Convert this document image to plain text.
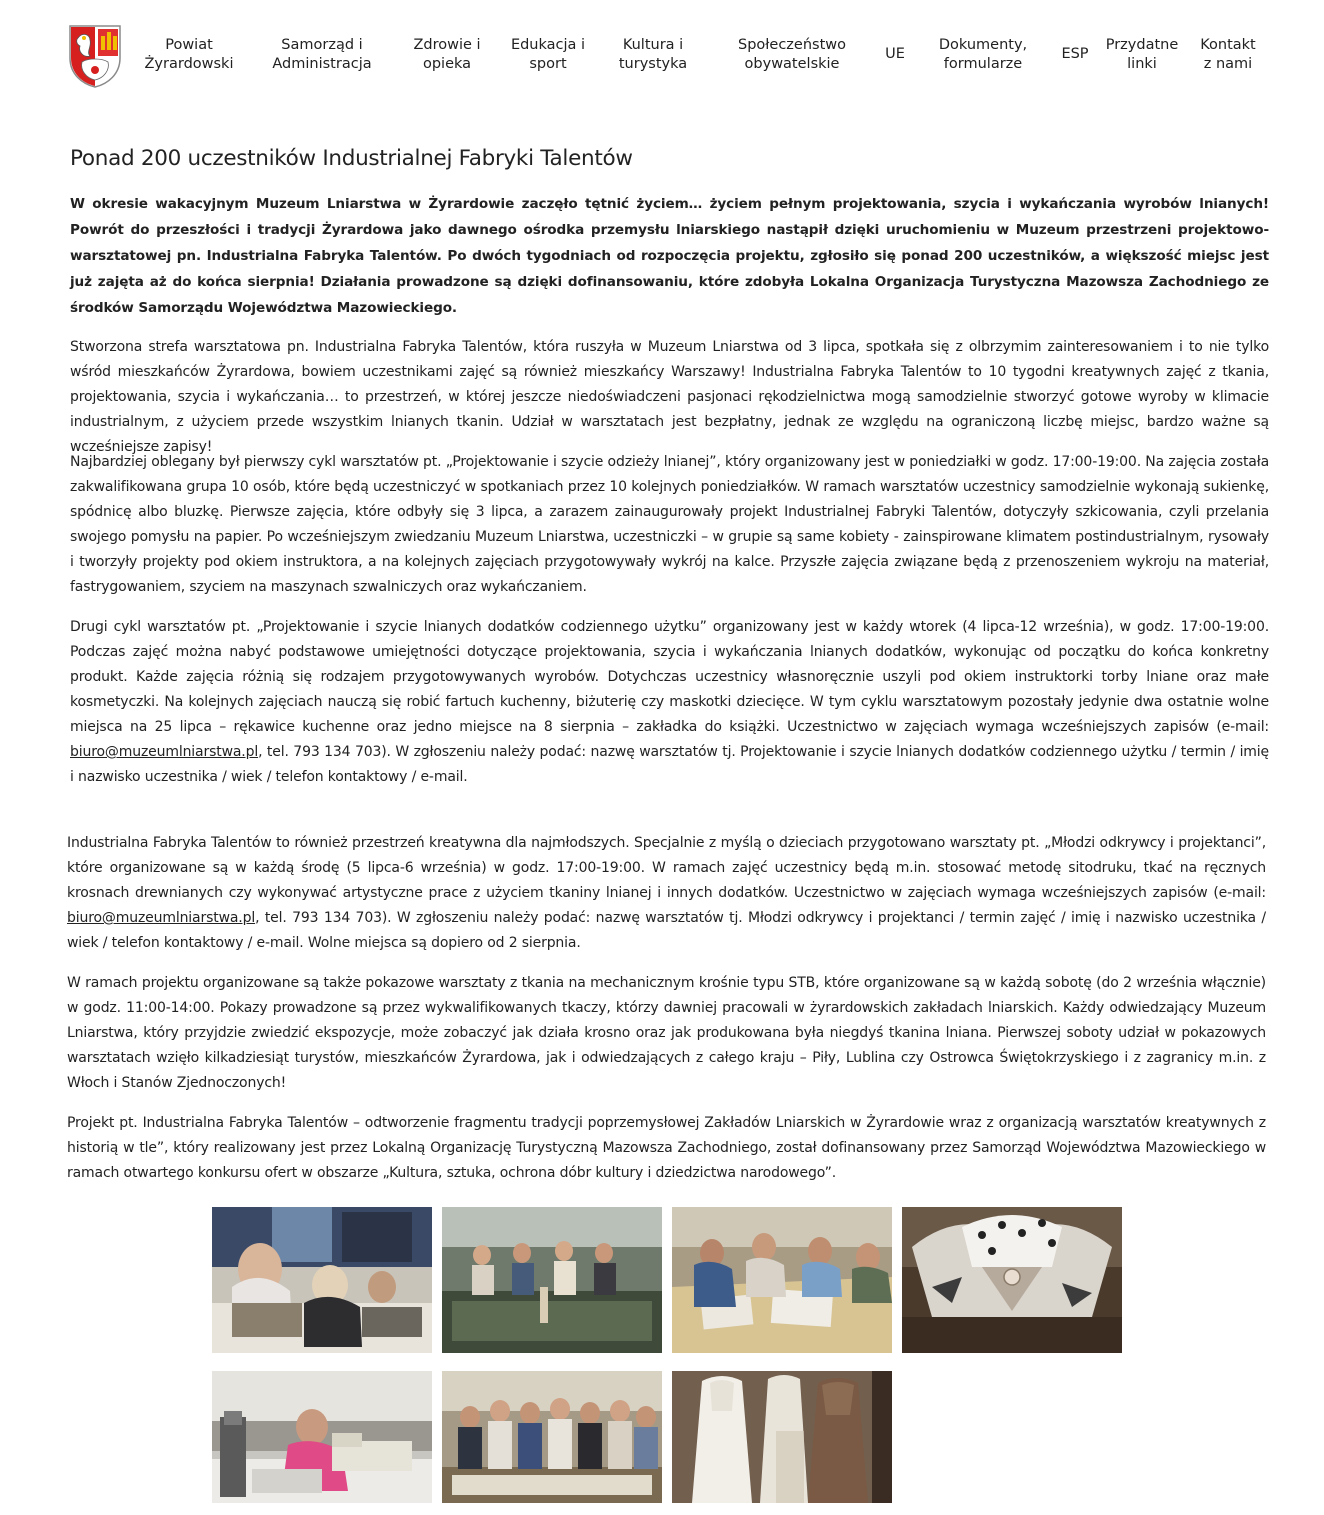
Powiat
Żyrardowski
Samorząd i
Administracja
Zdrowie i
opieka
Edukacja i
sport
Kultura i
turystyka
Społeczeństwo
obywatelskie
UE
Dokumenty,
formularze
ESP
Przydatne
linki
Kontakt
z nami
Ponad 200 uczestników Industrialnej Fabryki Talentów

W okresie wakacyjnym Muzeum Lniarstwa w Żyrardowie zaczęło tętnić życiem… życiem pełnym projektowania, szycia i wykańczania wyrobów lnianych! Powrót do przeszłości i tradycji Żyrardowa jako dawnego ośrodka przemysłu lniarskiego nastąpił dzięki uruchomieniu w Muzeum przestrzeni projektowo-warsztatowej pn. Industrialna Fabryka Talentów. Po dwóch tygodniach od rozpoczęcia projektu, zgłosiło się ponad 200 uczestników, a większość miejsc jest już zajęta aż do końca sierpnia! Działania prowadzone są dzięki dofinansowaniu, które zdobyła Lokalna Organizacja Turystyczna Mazowsza Zachodniego ze środków Samorządu Województwa Mazowieckiego.

Stworzona strefa warsztatowa pn. Industrialna Fabryka Talentów, która ruszyła w Muzeum Lniarstwa od 3 lipca, spotkała się z olbrzymim zainteresowaniem i to nie tylko wśród mieszkańców Żyrardowa, bowiem uczestnikami zajęć są również mieszkańcy Warszawy! Industrialna Fabryka Talentów to 10 tygodni kreatywnych zajęć z tkania, projektowania, szycia i wykańczania… to przestrzeń, w której jeszcze niedoświadczeni pasjonaci rękodzielnictwa mogą samodzielnie stworzyć gotowe wyroby w klimacie industrialnym, z użyciem przede wszystkim lnianych tkanin. Udział w warsztatach jest bezpłatny, jednak ze względu na ograniczoną liczbę miejsc, bardzo ważne są wcześniejsze zapisy!

Najbardziej oblegany był pierwszy cykl warsztatów pt. „Projektowanie i szycie odzieży lnianej”, który organizowany jest w poniedziałki w godz. 17:00-19:00. Na zajęcia została zakwalifikowana grupa 10 osób, które będą uczestniczyć w spotkaniach przez 10 kolejnych poniedziałków. W ramach warsztatów uczestnicy samodzielnie wykonają sukienkę, spódnicę albo bluzkę. Pierwsze zajęcia, które odbyły się 3 lipca, a zarazem zainaugurowały projekt Industrialnej Fabryki Talentów, dotyczyły szkicowania, czyli przelania swojego pomysłu na papier. Po wcześniejszym zwiedzaniu Muzeum Lniarstwa, uczestniczki – w grupie są same kobiety - zainspirowane klimatem postindustrialnym, rysowały i tworzyły projekty pod okiem instruktora, a na kolejnych zajęciach przygotowywały wykrój na kalce. Przyszłe zajęcia związane będą z przenoszeniem wykroju na materiał, fastrygowaniem, szyciem na maszynach szwalniczych oraz wykańczaniem.

Drugi cykl warsztatów pt. „Projektowanie i szycie lnianych dodatków codziennego użytku” organizowany jest w każdy wtorek (4 lipca-12 września), w godz. 17:00-19:00. Podczas zajęć można nabyć podstawowe umiejętności dotyczące projektowania, szycia i wykańczania lnianych dodatków, wykonując od początku do końca konkretny produkt. Każde zajęcia różnią się rodzajem przygotowywanych wyrobów. Dotychczas uczestnicy własnoręcznie uszyli pod okiem instruktorki torby lniane oraz małe kosmetyczki. Na kolejnych zajęciach nauczą się robić fartuch kuchenny, biżuterię czy maskotki dziecięce. W tym cyklu warsztatowym pozostały jedynie dwa ostatnie wolne miejsca na 25 lipca – rękawice kuchenne oraz jedno miejsce na 8 sierpnia – zakładka do książki. Uczestnictwo w zajęciach wymaga wcześniejszych zapisów (e-mail: biuro@muzeumlniarstwa.pl, tel. 793 134 703). W zgłoszeniu należy podać: nazwę warsztatów tj. Projektowanie i szycie lnianych dodatków codziennego użytku / termin / imię i nazwisko uczestnika / wiek / telefon kontaktowy / e-mail.

Industrialna Fabryka Talentów to również przestrzeń kreatywna dla najmłodszych. Specjalnie z myślą o dzieciach przygotowano warsztaty pt. „Młodzi odkrywcy i projektanci”, które organizowane są w każdą środę (5 lipca-6 września) w godz. 17:00-19:00. W ramach zajęć uczestnicy będą m.in. stosować metodę sitodruku, tkać na ręcznych krosnach drewnianych czy wykonywać artystyczne prace z użyciem tkaniny lnianej i innych dodatków. Uczestnictwo w zajęciach wymaga wcześniejszych zapisów (e-mail: biuro@muzeumlniarstwa.pl, tel. 793 134 703). W zgłoszeniu należy podać: nazwę warsztatów tj. Młodzi odkrywcy i projektanci / termin zajęć / imię i nazwisko uczestnika / wiek / telefon kontaktowy / e-mail. Wolne miejsca są dopiero od 2 sierpnia.

W ramach projektu organizowane są także pokazowe warsztaty z tkania na mechanicznym krośnie typu STB, które organizowane są w każdą sobotę (do 2 września włącznie) w godz. 11:00-14:00. Pokazy prowadzone są przez wykwalifikowanych tkaczy, którzy dawniej pracowali w żyrardowskich zakładach lniarskich. Każdy odwiedzający Muzeum Lniarstwa, który przyjdzie zwiedzić ekspozycje, może zobaczyć jak działa krosno oraz jak produkowana była niegdyś tkanina lniana. Pierwszej soboty udział w pokazowych warsztatach wzięło kilkadziesiąt turystów, mieszkańców Żyrardowa, jak i odwiedzających z całego kraju – Piły, Lublina czy Ostrowca Świętokrzyskiego i z zagranicy m.in. z Włoch i Stanów Zjednoczonych!

Projekt pt. Industrialna Fabryka Talentów – odtworzenie fragmentu tradycji poprzemysłowej Zakładów Lniarskich w Żyrardowie wraz z organizacją warsztatów kreatywnych z historią w tle”, który realizowany jest przez Lokalną Organizację Turystyczną Mazowsza Zachodniego, został dofinansowany przez Samorząd Województwa Mazowieckiego w ramach otwartego konkursu ofert w obszarze „Kultura, sztuka, ochrona dóbr kultury i dziedzictwa narodowego”.
